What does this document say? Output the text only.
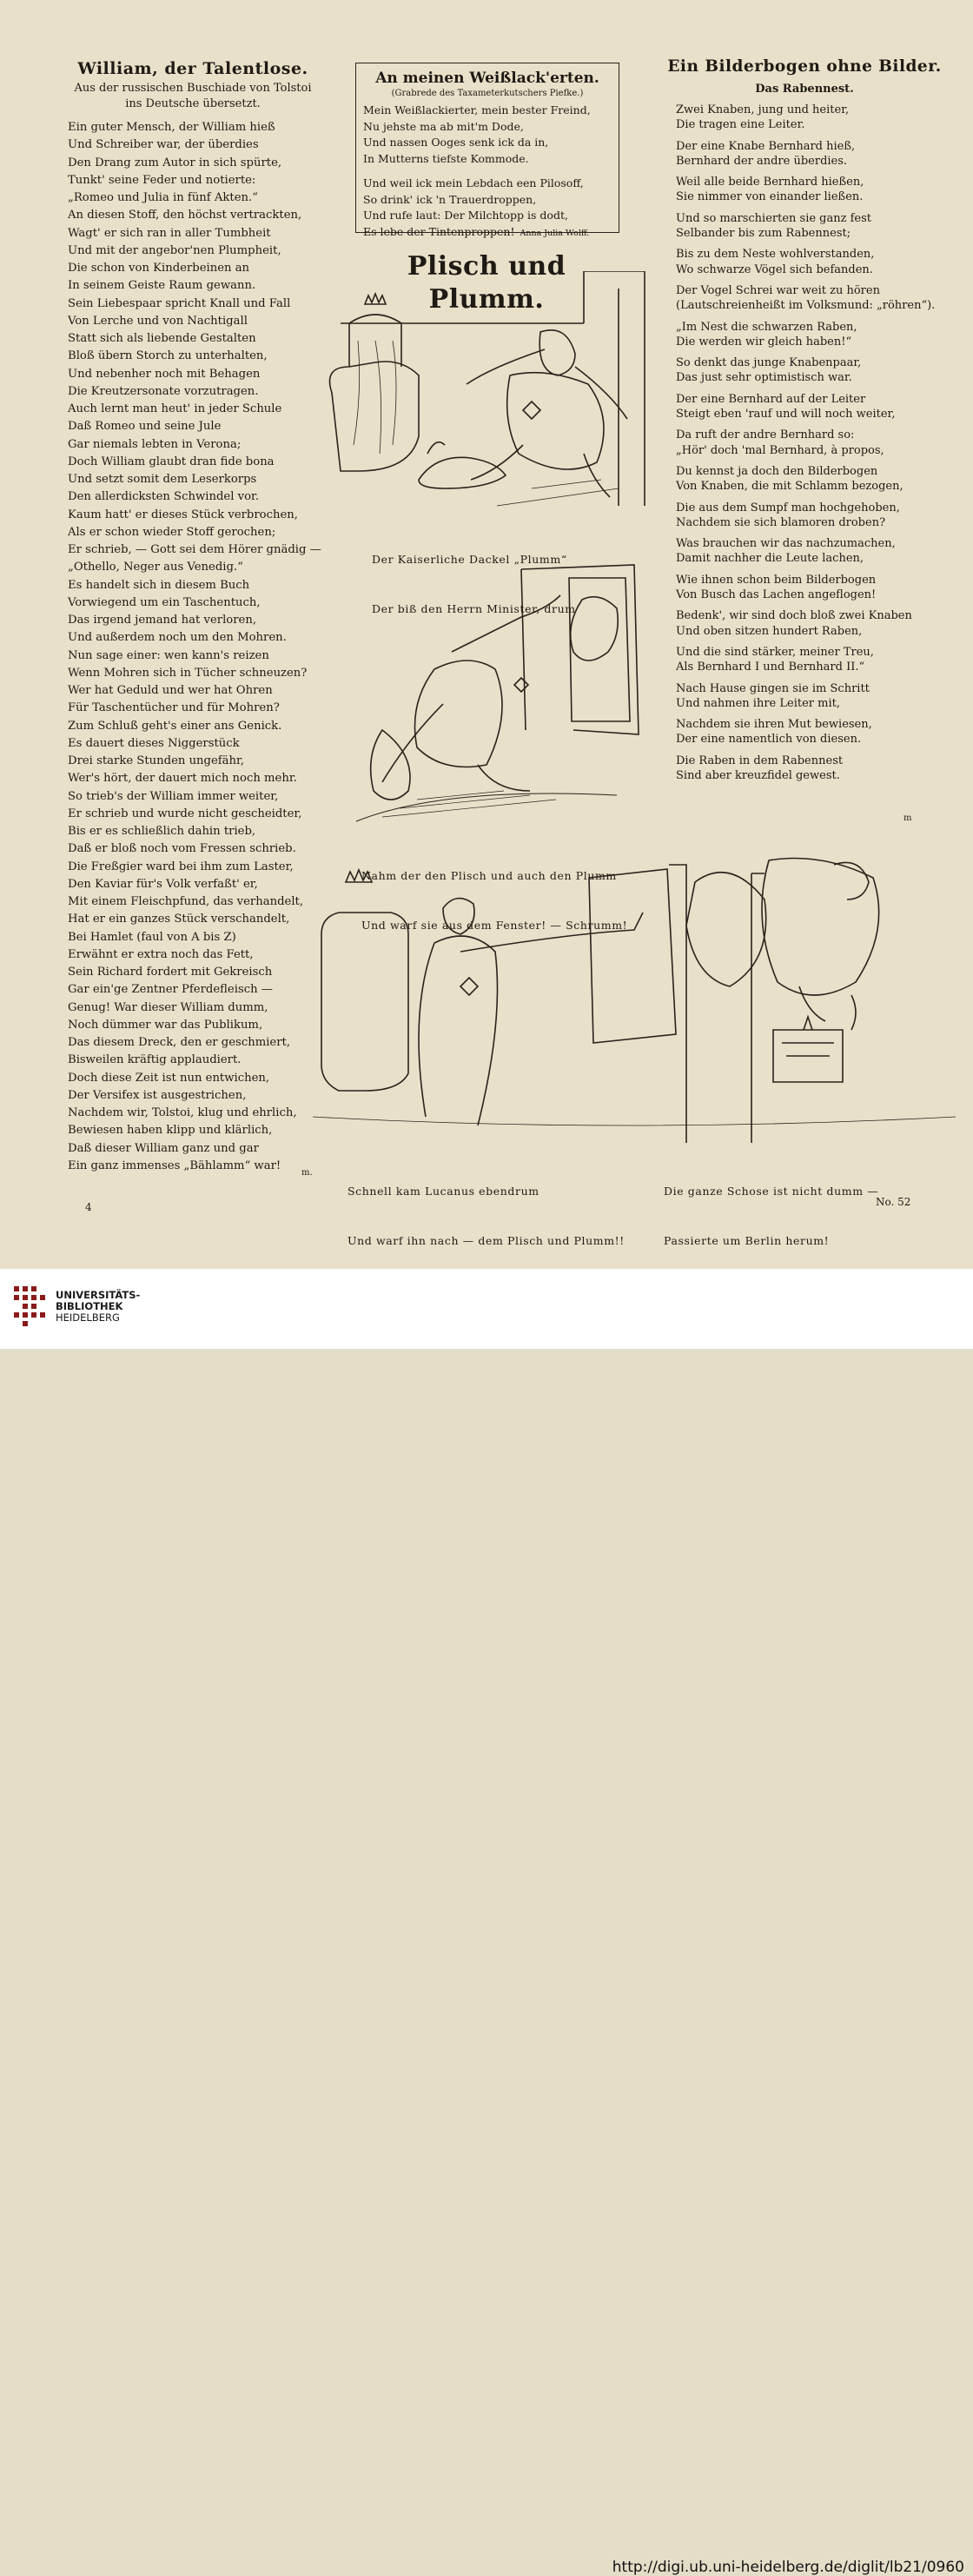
William, der Talentlose.
Aus der russischen Buschiade von Tolstoi
ins Deutsche übersetzt.
Ein guter Mensch, der William hieß
Und Schreiber war, der überdies
Den Drang zum Autor in sich spürte,
Tunkt' seine Feder und notierte:
„Romeo und Julia in fünf Akten.“
An diesen Stoff, den höchst vertrackten,
Wagt' er sich ran in aller Tumbheit
Und mit der angebor'nen Plumpheit,
Die schon von Kinderbeinen an
In seinem Geiste Raum gewann.
Sein Liebespaar spricht Knall und Fall
Von Lerche und von Nachtigall
Statt sich als liebende Gestalten
Bloß übern Storch zu unterhalten,
Und nebenher noch mit Behagen
Die Kreutzersonate vorzutragen.
Auch lernt man heut' in jeder Schule
Daß Romeo und seine Jule
Gar niemals lebten in Verona;
Doch William glaubt dran fide bona
Und setzt somit dem Leserkorps
Den allerdicksten Schwindel vor.
Kaum hatt' er dieses Stück verbrochen,
Als er schon wieder Stoff gerochen;
Er schrieb, — Gott sei dem Hörer gnädig —
„Othello, Neger aus Venedig.“
Es handelt sich in diesem Buch
Vorwiegend um ein Taschentuch,
Das irgend jemand hat verloren,
Und außerdem noch um den Mohren.
Nun sage einer: wen kann's reizen
Wenn Mohren sich in Tücher schneuzen?
Wer hat Geduld und wer hat Ohren
Für Taschentücher und für Mohren?
Zum Schluß geht's einer ans Genick.
Es dauert dieses Niggerstück
Drei starke Stunden ungefähr,
Wer's hört, der dauert mich noch mehr.
So trieb's der William immer weiter,
Er schrieb und wurde nicht gescheidter,
Bis er es schließlich dahin trieb,
Daß er bloß noch vom Fressen schrieb.
Die Freßgier ward bei ihm zum Laster,
Den Kaviar für's Volk verfaßt' er,
Mit einem Fleischpfund, das verhandelt,
Hat er ein ganzes Stück verschandelt,
Bei Hamlet (faul von A bis Z)
Erwähnt er extra noch das Fett,
Sein Richard fordert mit Gekreisch
Gar ein'ge Zentner Pferdefleisch —
Genug! War dieser William dumm,
Noch dümmer war das Publikum,
Das diesem Dreck, den er geschmiert,
Bisweilen kräftig applaudiert.
Doch diese Zeit ist nun entwichen,
Der Versifex ist ausgestrichen,
Nachdem wir, Tolstoi, klug und ehrlich,
Bewiesen haben klipp und klärlich,
Daß dieser William ganz und gar
Ein ganz immenses „Bählamm“ war!
m.
An meinen Weißlack'erten.
(Grabrede des Taxameterkutschers Piefke.)
Mein Weißlackierter, mein bester Freind,
Nu jehste ma ab mit'm Dode,
Und nassen Ooges senk ick da in,
In Mutterns tiefste Kommode.
Und weil ick mein Lebdach een Pilosoff,
So drink' ick 'n Trauerdroppen,
Und rufe laut: Der Milchtopp is dodt,
Es lebe der Tintenproppen!  Anna Julia Wolff.
Plisch und Plumm.

Der Kaiserliche Dackel „Plumm“

Der biß den Herrn Minister, drum

Nahm der den Plisch und auch den Plumm

Und warf sie aus dem Fenster! — Schrumm!

Schnell kam Lucanus ebendrum

Und warf ihn nach — dem Plisch und Plumm!!

Die ganze Schose ist nicht dumm —

Passierte um Berlin herum!

Ein Bilderbogen ohne Bilder.
Das Rabennest.
Zwei Knaben, jung und heiter,
Die tragen eine Leiter.
Der eine Knabe Bernhard hieß,
Bernhard der andre überdies.
Weil alle beide Bernhard hießen,
Sie nimmer von einander ließen.
Und so marschierten sie ganz fest
Selbander bis zum Rabennest;
Bis zu dem Neste wohlverstanden,
Wo schwarze Vögel sich befanden.
Der Vogel Schrei war weit zu hören
(Lautschreienheißt im Volksmund: „röhren“).
„Im Nest die schwarzen Raben,
Die werden wir gleich haben!“
So denkt das junge Knabenpaar,
Das just sehr optimistisch war.
Der eine Bernhard auf der Leiter
Steigt eben 'rauf und will noch weiter,
Da ruft der andre Bernhard so:
„Hör' doch 'mal Bernhard, à propos,
Du kennst ja doch den Bilderbogen
Von Knaben, die mit Schlamm bezogen,
Die aus dem Sumpf man hochgehoben,
Nachdem sie sich blamoren droben?
Was brauchen wir das nachzumachen,
Damit nachher die Leute lachen,
Wie ihnen schon beim Bilderbogen
Von Busch das Lachen angeflogen!
Bedenk', wir sind doch bloß zwei Knaben
Und oben sitzen hundert Raben,
Und die sind stärker, meiner Treu,
Als Bernhard I und Bernhard II.“
Nach Hause gingen sie im Schritt
Und nahmen ihre Leiter mit,
Nachdem sie ihren Mut bewiesen,
Der eine namentlich von diesen.
Die Raben in dem Rabennest
Sind aber kreuzfidel gewest.
m
4	No. 52
UNIVERSITÄTS-
BIBLIOTHEK
HEIDELBERG
http://digi.ub.uni-heidelberg.de/diglit/lb21/0960
